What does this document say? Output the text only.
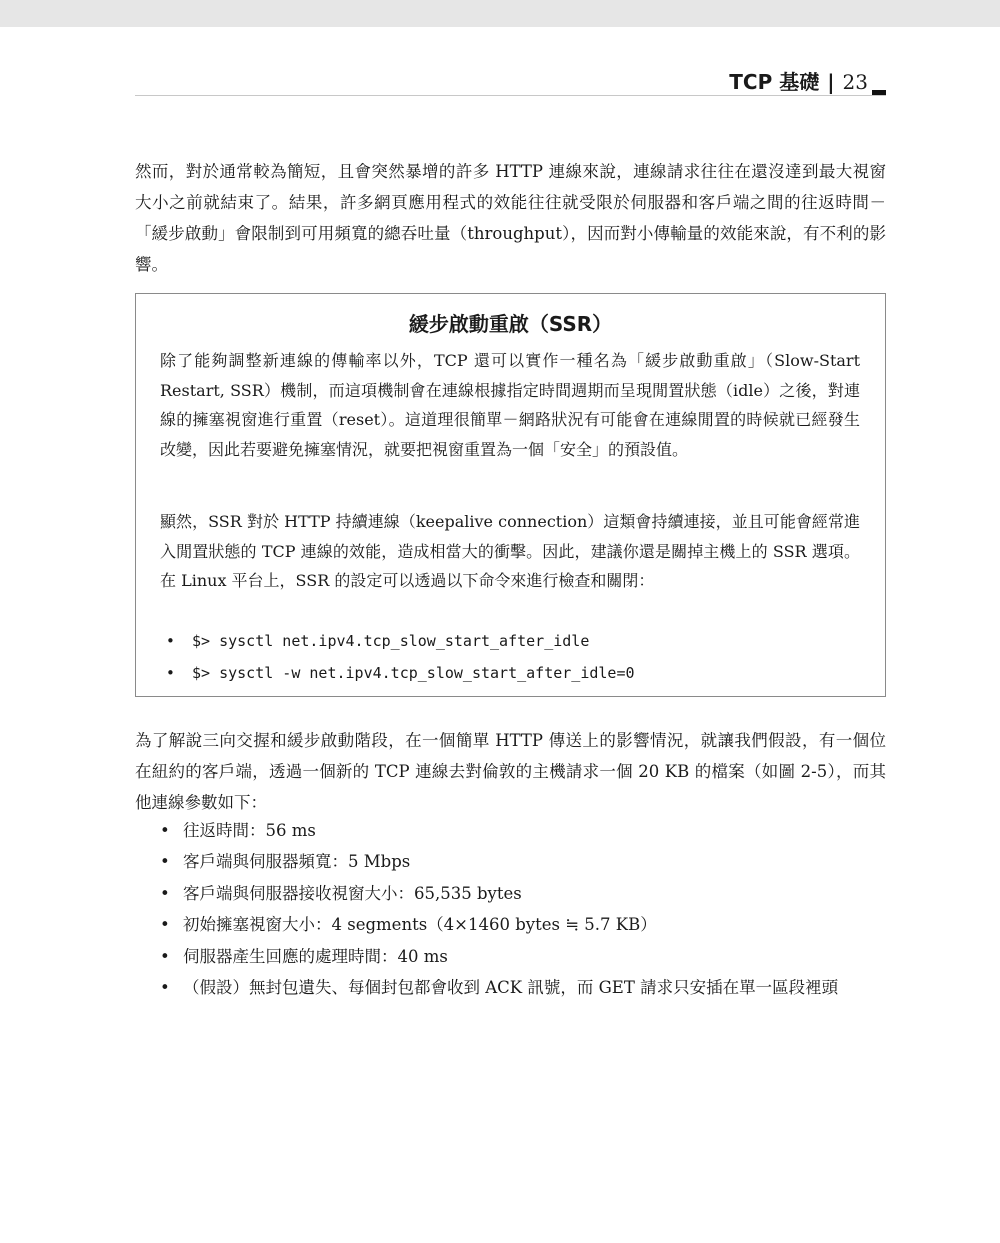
TCP 基礎 | 23

然而，對於通常較為簡短，且會突然暴增的許多 HTTP 連線來說，連線請求往往在還沒達到最大視窗大小之前就結束了。結果，許多網頁應用程式的效能往往就受限於伺服器和客戶端之間的往返時間－「緩步啟動」會限制到可用頻寬的總吞吐量（throughput），因而對小傳輸量的效能來說，有不利的影響。

緩步啟動重啟（SSR）

除了能夠調整新連線的傳輸率以外，TCP 還可以實作一種名為「緩步啟動重啟」（Slow-Start Restart, SSR）機制，而這項機制會在連線根據指定時間週期而呈現閒置狀態（idle）之後，對連線的擁塞視窗進行重置（reset）。這道理很簡單－網路狀況有可能會在連線閒置的時候就已經發生改變，因此若要避免擁塞情況，就要把視窗重置為一個「安全」的預設值。

顯然，SSR 對於 HTTP 持續連線（keepalive connection）這類會持續連接，並且可能會經常進入閒置狀態的 TCP 連線的效能，造成相當大的衝擊。因此，建議你還是關掉主機上的 SSR 選項。在 Linux 平台上，SSR 的設定可以透過以下命令來進行檢查和關閉：

• $> sysctl net.ipv4.tcp_slow_start_after_idle
• $> sysctl -w net.ipv4.tcp_slow_start_after_idle=0

為了解說三向交握和緩步啟動階段，在一個簡單 HTTP 傳送上的影響情況，就讓我們假設，有一個位在紐約的客戶端，透過一個新的 TCP 連線去對倫敦的主機請求一個 20 KB 的檔案（如圖 2-5），而其他連線參數如下：

• 往返時間：56 ms
• 客戶端與伺服器頻寬：5 Mbps
• 客戶端與伺服器接收視窗大小：65,535 bytes
• 初始擁塞視窗大小：4 segments（4×1460 bytes ≒ 5.7 KB）
• 伺服器產生回應的處理時間：40 ms
• （假設）無封包遺失、每個封包都會收到 ACK 訊號，而 GET 請求只安插在單一區段裡頭
